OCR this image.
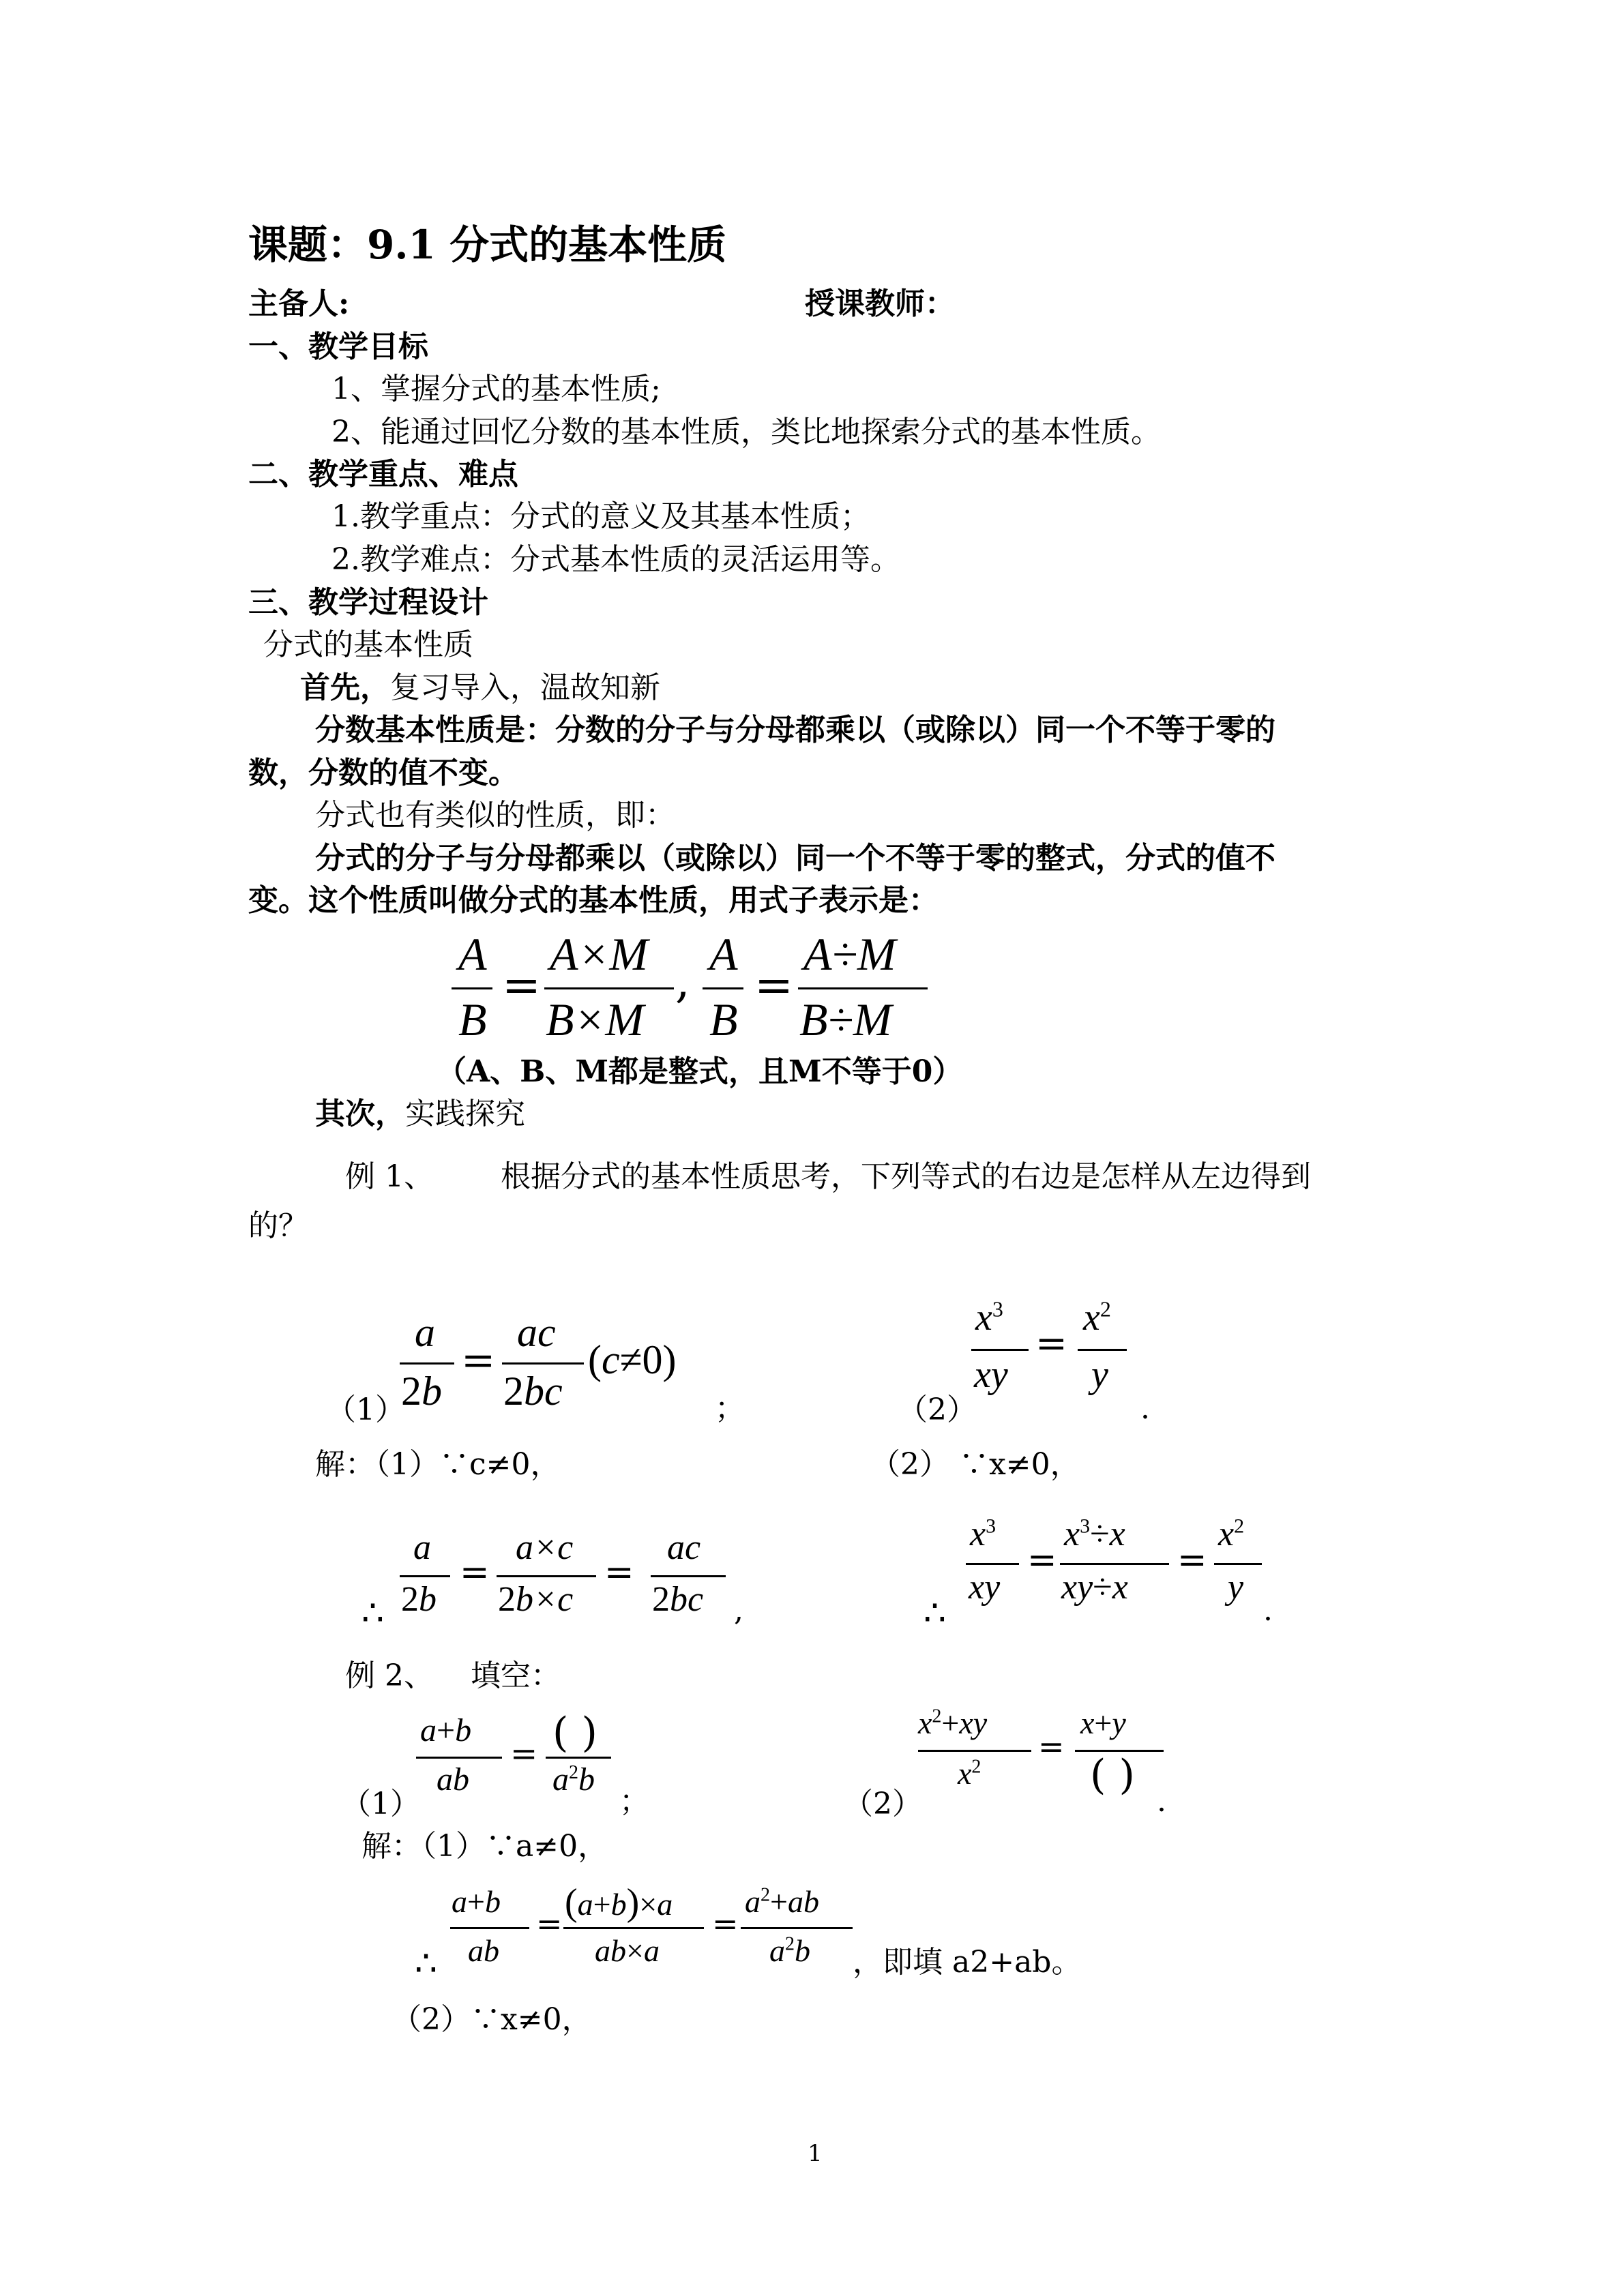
课题：9.1 分式的基本性质
主备人:	授课教师：
一、教学目标
1、掌握分式的基本性质;
2、能通过回忆分数的基本性质，类比地探索分式的基本性质。
二、教学重点、难点
1.教学重点：分式的意义及其基本性质；
2.教学难点：分式基本性质的灵活运用等。
三、教学过程设计
分式的基本性质
首先，复习导入，温故知新
分数基本性质是：分数的分子与分母都乘以（或除以）同一个不等于零的
数，分数的值不变。
分式也有类似的性质，即：
分式的分子与分母都乘以（或除以）同一个不等于零的整式，分式的值不
变。这个性质叫做分式的基本性质，用式子表示是：
A
B
=
A×M
B×M
,
A
B
=
A÷M
B÷M
（A、B、M都是整式，且M不等于0）
其次，实践探究
例 1、 根据分式的基本性质思考，下列等式的右边是怎样从左边得到
的？
（1）
a
2b
=
ac
2bc
(c≠0)
；	（2）
$x^3$
xy
=
$x^2$
y
.
解：（1）∵c≠0，	（2） ∵x≠0，
∴
a
2b
=
a×c
2b×c
=
ac
2bc ,	∴
$x^3$
xy
=
$x^3\div x$
xy÷x
=
$x^2$
y
.
例 2、 填空：
（1）
a+b
ab
= ( )
$a^2b$
；	（2）
$x^2+xy$
$x^2$
=
x+y
( )
.
解：（1）∵a≠0，
∴
a+b
ab
= (a+b)×a
ab×a
=
$a^2+ab$
$a^2b$ ，即填 a2+ab。
（2）∵x≠0，
1
